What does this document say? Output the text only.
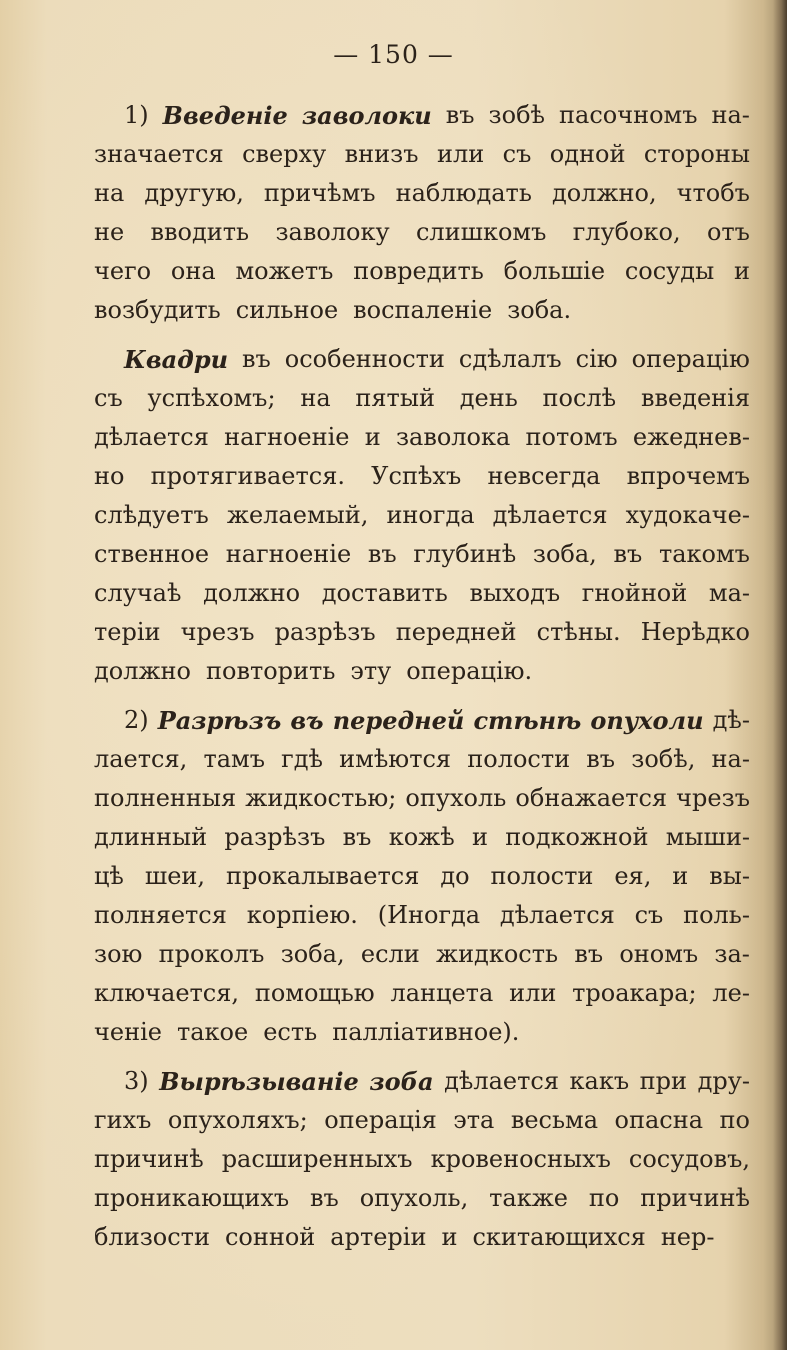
— 150 —
1) Введеніе заволоки въ зобѣ пасочномъ на-
значается сверху внизъ или съ одной стороны
на другую, причѣмъ наблюдать должно, чтобъ
не вводить заволоку слишкомъ глубоко, отъ
чего она можетъ повредить большіе сосуды и
возбудить сильное воспаленіе зоба.
Квадри въ особенности сдѣлалъ сію операцію
съ успѣхомъ; на пятый день послѣ введенія
дѣлается нагноеніе и заволока потомъ ежеднев-
но протягивается. Успѣхъ невсегда впрочемъ
слѣдуетъ желаемый, иногда дѣлается худокаче-
ственное нагноеніе въ глубинѣ зоба, въ такомъ
случаѣ должно доставить выходъ гнойной ма-
теріи чрезъ разрѣзъ передней стѣны. Нерѣдко
должно повторить эту операцію.
2) Разрѣзъ въ передней стѣнѣ опухоли дѣ-
лается, тамъ гдѣ имѣются полости въ зобѣ, на-
полненныя жидкостью; опухоль обнажается чрезъ
длинный разрѣзъ въ кожѣ и подкожной мыши-
цѣ шеи, прокалывается до полости ея, и вы-
полняется корпіею. (Иногда дѣлается съ поль-
зою проколъ зоба, если жидкость въ ономъ за-
ключается, помощью ланцета или троакара; ле-
ченіе такое есть паллiативное).
3) Вырѣзываніе зоба дѣлается какъ при дру-
гихъ опухоляхъ; операція эта весьма опасна по
причинѣ расширенныхъ кровеносныхъ сосудовъ,
проникающихъ въ опухоль, также по причинѣ
близости сонной артеріи и скитающихся нер-
